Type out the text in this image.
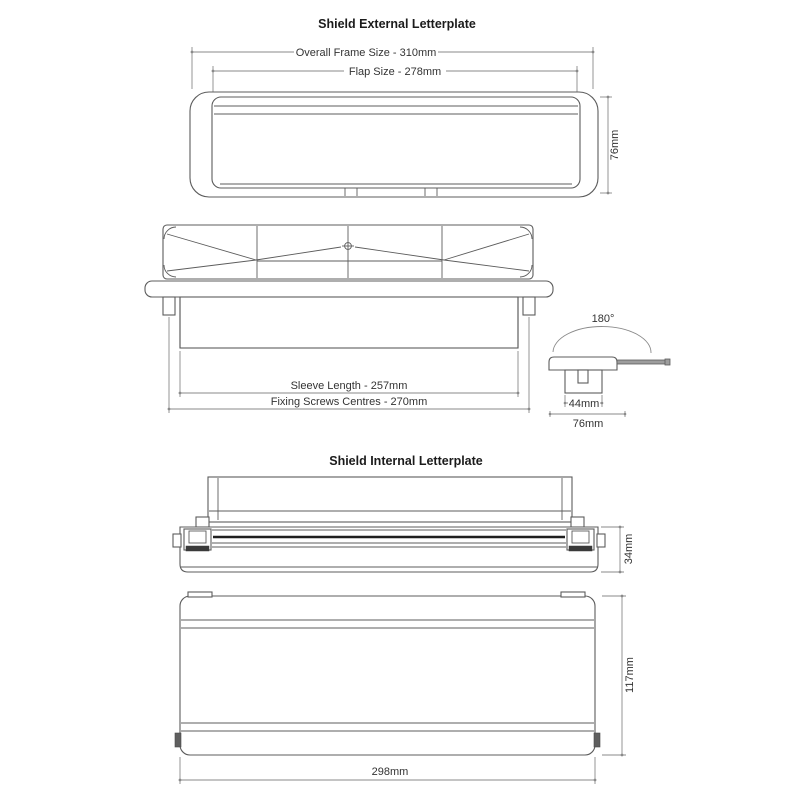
Shield External Letterplate
Overall Frame Size - 310mm
Flap Size - 278mm
76mm
Sleeve Length - 257mm
Fixing Screws Centres - 270mm
180°
44mm
76mm
Shield Internal Letterplate
34mm
117mm
298mm
